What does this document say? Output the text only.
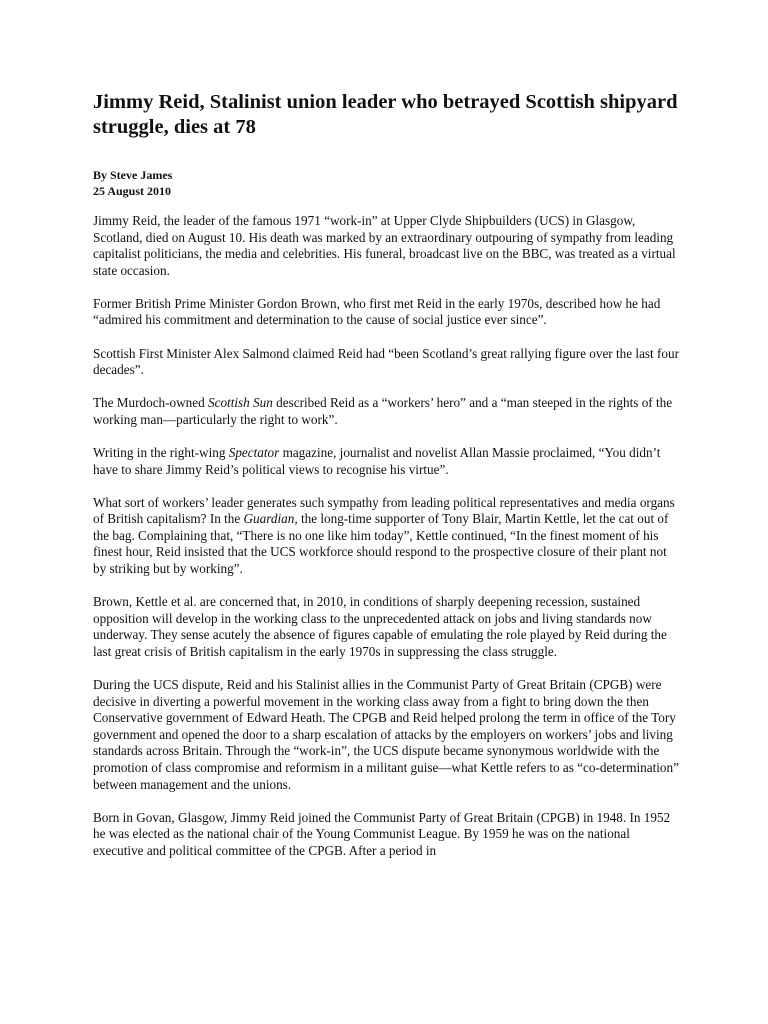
Jimmy Reid, Stalinist union leader who betrayed Scottish shipyard struggle, dies at 78
By Steve James
25 August 2010

Jimmy Reid, the leader of the famous 1971 “work-in” at Upper Clyde Shipbuilders (UCS) in Glasgow, Scotland, died on August 10. His death was marked by an extraordinary outpouring of sympathy from leading capitalist politicians, the media and celebrities. His funeral, broadcast live on the BBC, was treated as a virtual state occasion.

Former British Prime Minister Gordon Brown, who first met Reid in the early 1970s, described how he had “admired his commitment and determination to the cause of social justice ever since”.

Scottish First Minister Alex Salmond claimed Reid had “been Scotland’s great rallying figure over the last four decades”.

The Murdoch-owned Scottish Sun described Reid as a “workers’ hero” and a “man steeped in the rights of the working man—particularly the right to work”.

Writing in the right-wing Spectator magazine, journalist and novelist Allan Massie proclaimed, “You didn’t have to share Jimmy Reid’s political views to recognise his virtue”.

What sort of workers’ leader generates such sympathy from leading political representatives and media organs of British capitalism? In the Guardian, the long-time supporter of Tony Blair, Martin Kettle, let the cat out of the bag. Complaining that, “There is no one like him today”, Kettle continued, “In the finest moment of his finest hour, Reid insisted that the UCS workforce should respond to the prospective closure of their plant not by striking but by working”.

Brown, Kettle et al. are concerned that, in 2010, in conditions of sharply deepening recession, sustained opposition will develop in the working class to the unprecedented attack on jobs and living standards now underway. They sense acutely the absence of figures capable of emulating the role played by Reid during the last great crisis of British capitalism in the early 1970s in suppressing the class struggle.

During the UCS dispute, Reid and his Stalinist allies in the Communist Party of Great Britain (CPGB) were decisive in diverting a powerful movement in the working class away from a fight to bring down the then Conservative government of Edward Heath. The CPGB and Reid helped prolong the term in office of the Tory government and opened the door to a sharp escalation of attacks by the employers on workers’ jobs and living standards across Britain. Through the “work-in”, the UCS dispute became synonymous worldwide with the promotion of class compromise and reformism in a militant guise—what Kettle refers to as “co-determination” between management and the unions.

Born in Govan, Glasgow, Jimmy Reid joined the Communist Party of Great Britain (CPGB) in 1948. In 1952 he was elected as the national chair of the Young Communist League. By 1959 he was on the national executive and political committee of the CPGB. After a period in
